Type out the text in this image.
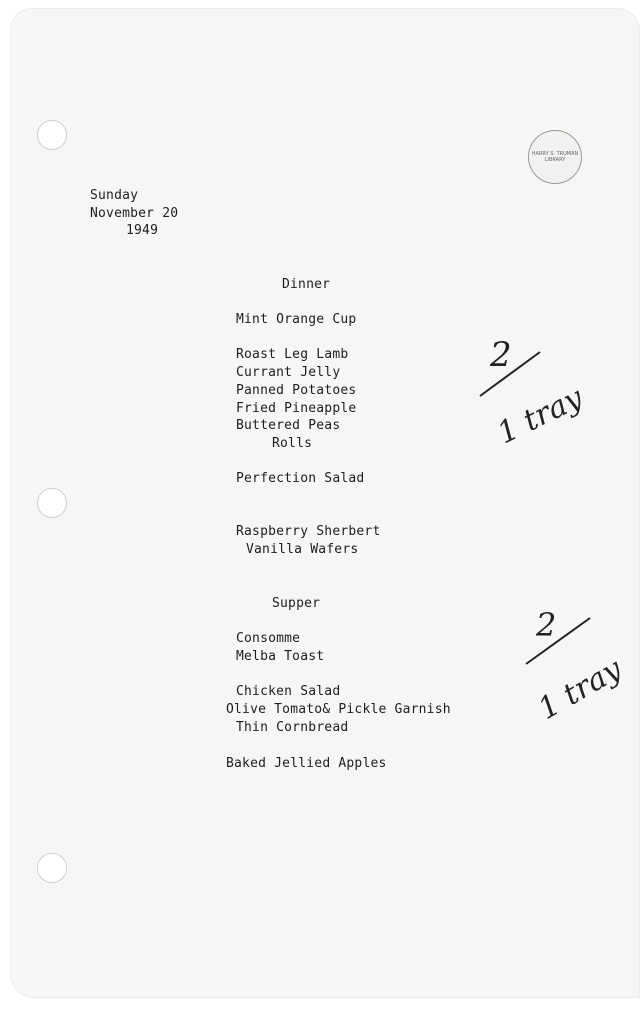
HARRY S. TRUMAN LIBRARY
Sunday
November 20
1949
Dinner
Mint Orange Cup
Roast Leg Lamb
Currant Jelly
Panned Potatoes
Fried Pineapple
Buttered Peas
Rolls
Perfection Salad
Raspberry Sherbert
Vanilla Wafers
Supper
Consomme
Melba Toast
Chicken Salad
Olive Tomato& Pickle Garnish
Thin Cornbread
Baked Jellied Apples
2
1 tray
2
1 tray
